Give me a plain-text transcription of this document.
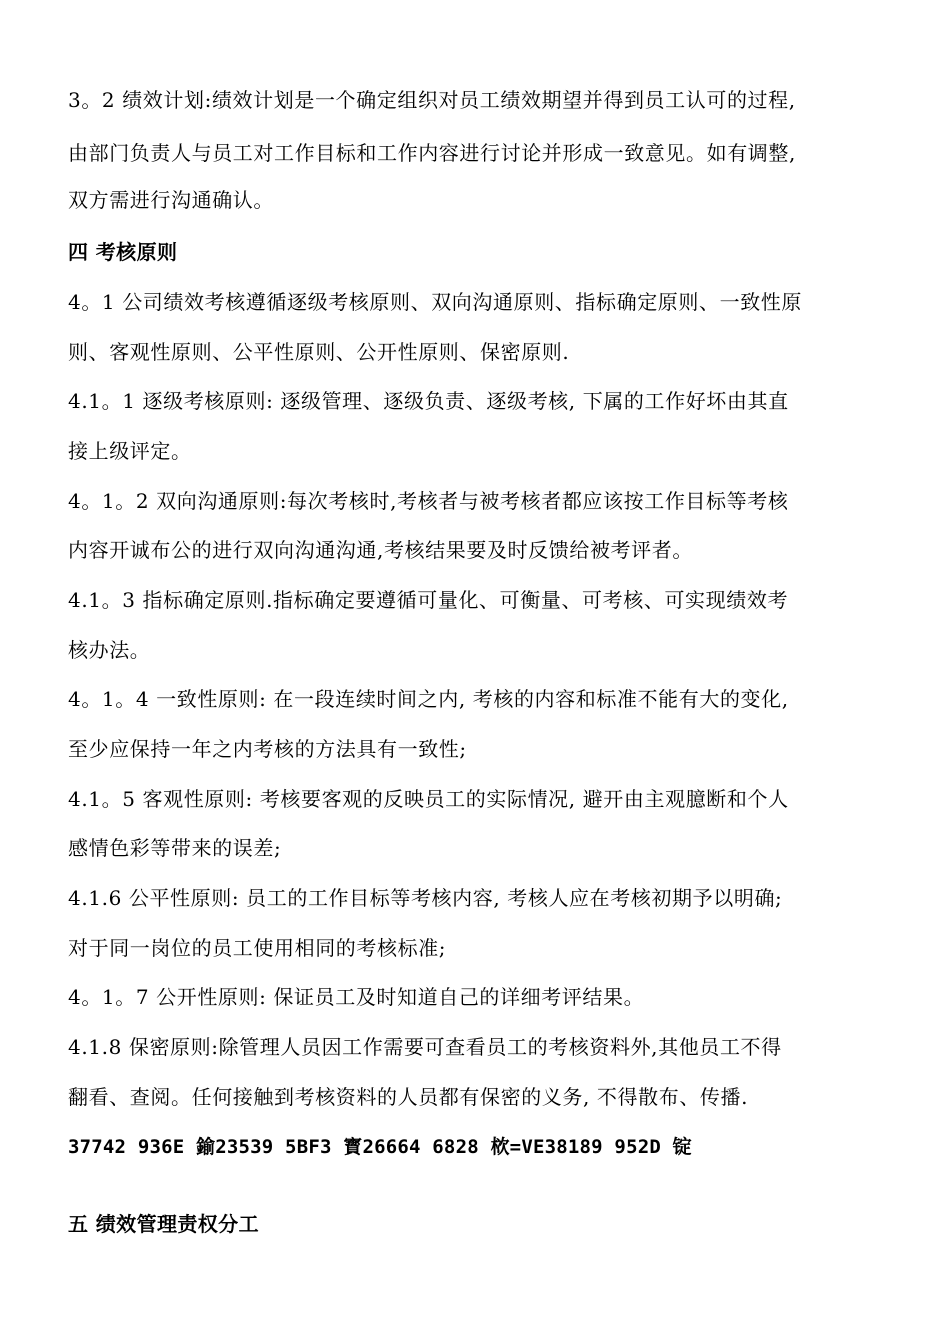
3。2 绩效计划:绩效计划是一个确定组织对员工绩效期望并得到员工认可的过程,
由部门负责人与员工对工作目标和工作内容进行讨论并形成一致意见。如有调整,
双方需进行沟通确认。
四 考核原则
4。1 公司绩效考核遵循逐级考核原则、双向沟通原则、指标确定原则、一致性原
则、客观性原则、公平性原则、公开性原则、保密原则.
4.1。1 逐级考核原则: 逐级管理、逐级负责、逐级考核, 下属的工作好坏由其直
接上级评定。
4。1。2 双向沟通原则:每次考核时,考核者与被考核者都应该按工作目标等考核
内容开诚布公的进行双向沟通沟通,考核结果要及时反馈给被考评者。
4.1。3 指标确定原则.指标确定要遵循可量化、可衡量、可考核、可实现绩效考
核办法。
4。1。4 一致性原则: 在一段连续时间之内, 考核的内容和标准不能有大的变化,
至少应保持一年之内考核的方法具有一致性;
4.1。5 客观性原则: 考核要客观的反映员工的实际情况, 避开由主观臆断和个人
感情色彩等带来的误差;
4.1.6 公平性原则: 员工的工作目标等考核内容, 考核人应在考核初期予以明确;
对于同一岗位的员工使用相同的考核标准;
4。1。7 公开性原则: 保证员工及时知道自己的详细考评结果。
4.1.8 保密原则:除管理人员因工作需要可查看员工的考核资料外,其他员工不得
翻看、查阅。任何接触到考核资料的人员都有保密的义务, 不得散布、传播.
37742 936E 鍮23539 5BF3 寳26664 6828 栨=VE38189 952D 锭
五 绩效管理责权分工
